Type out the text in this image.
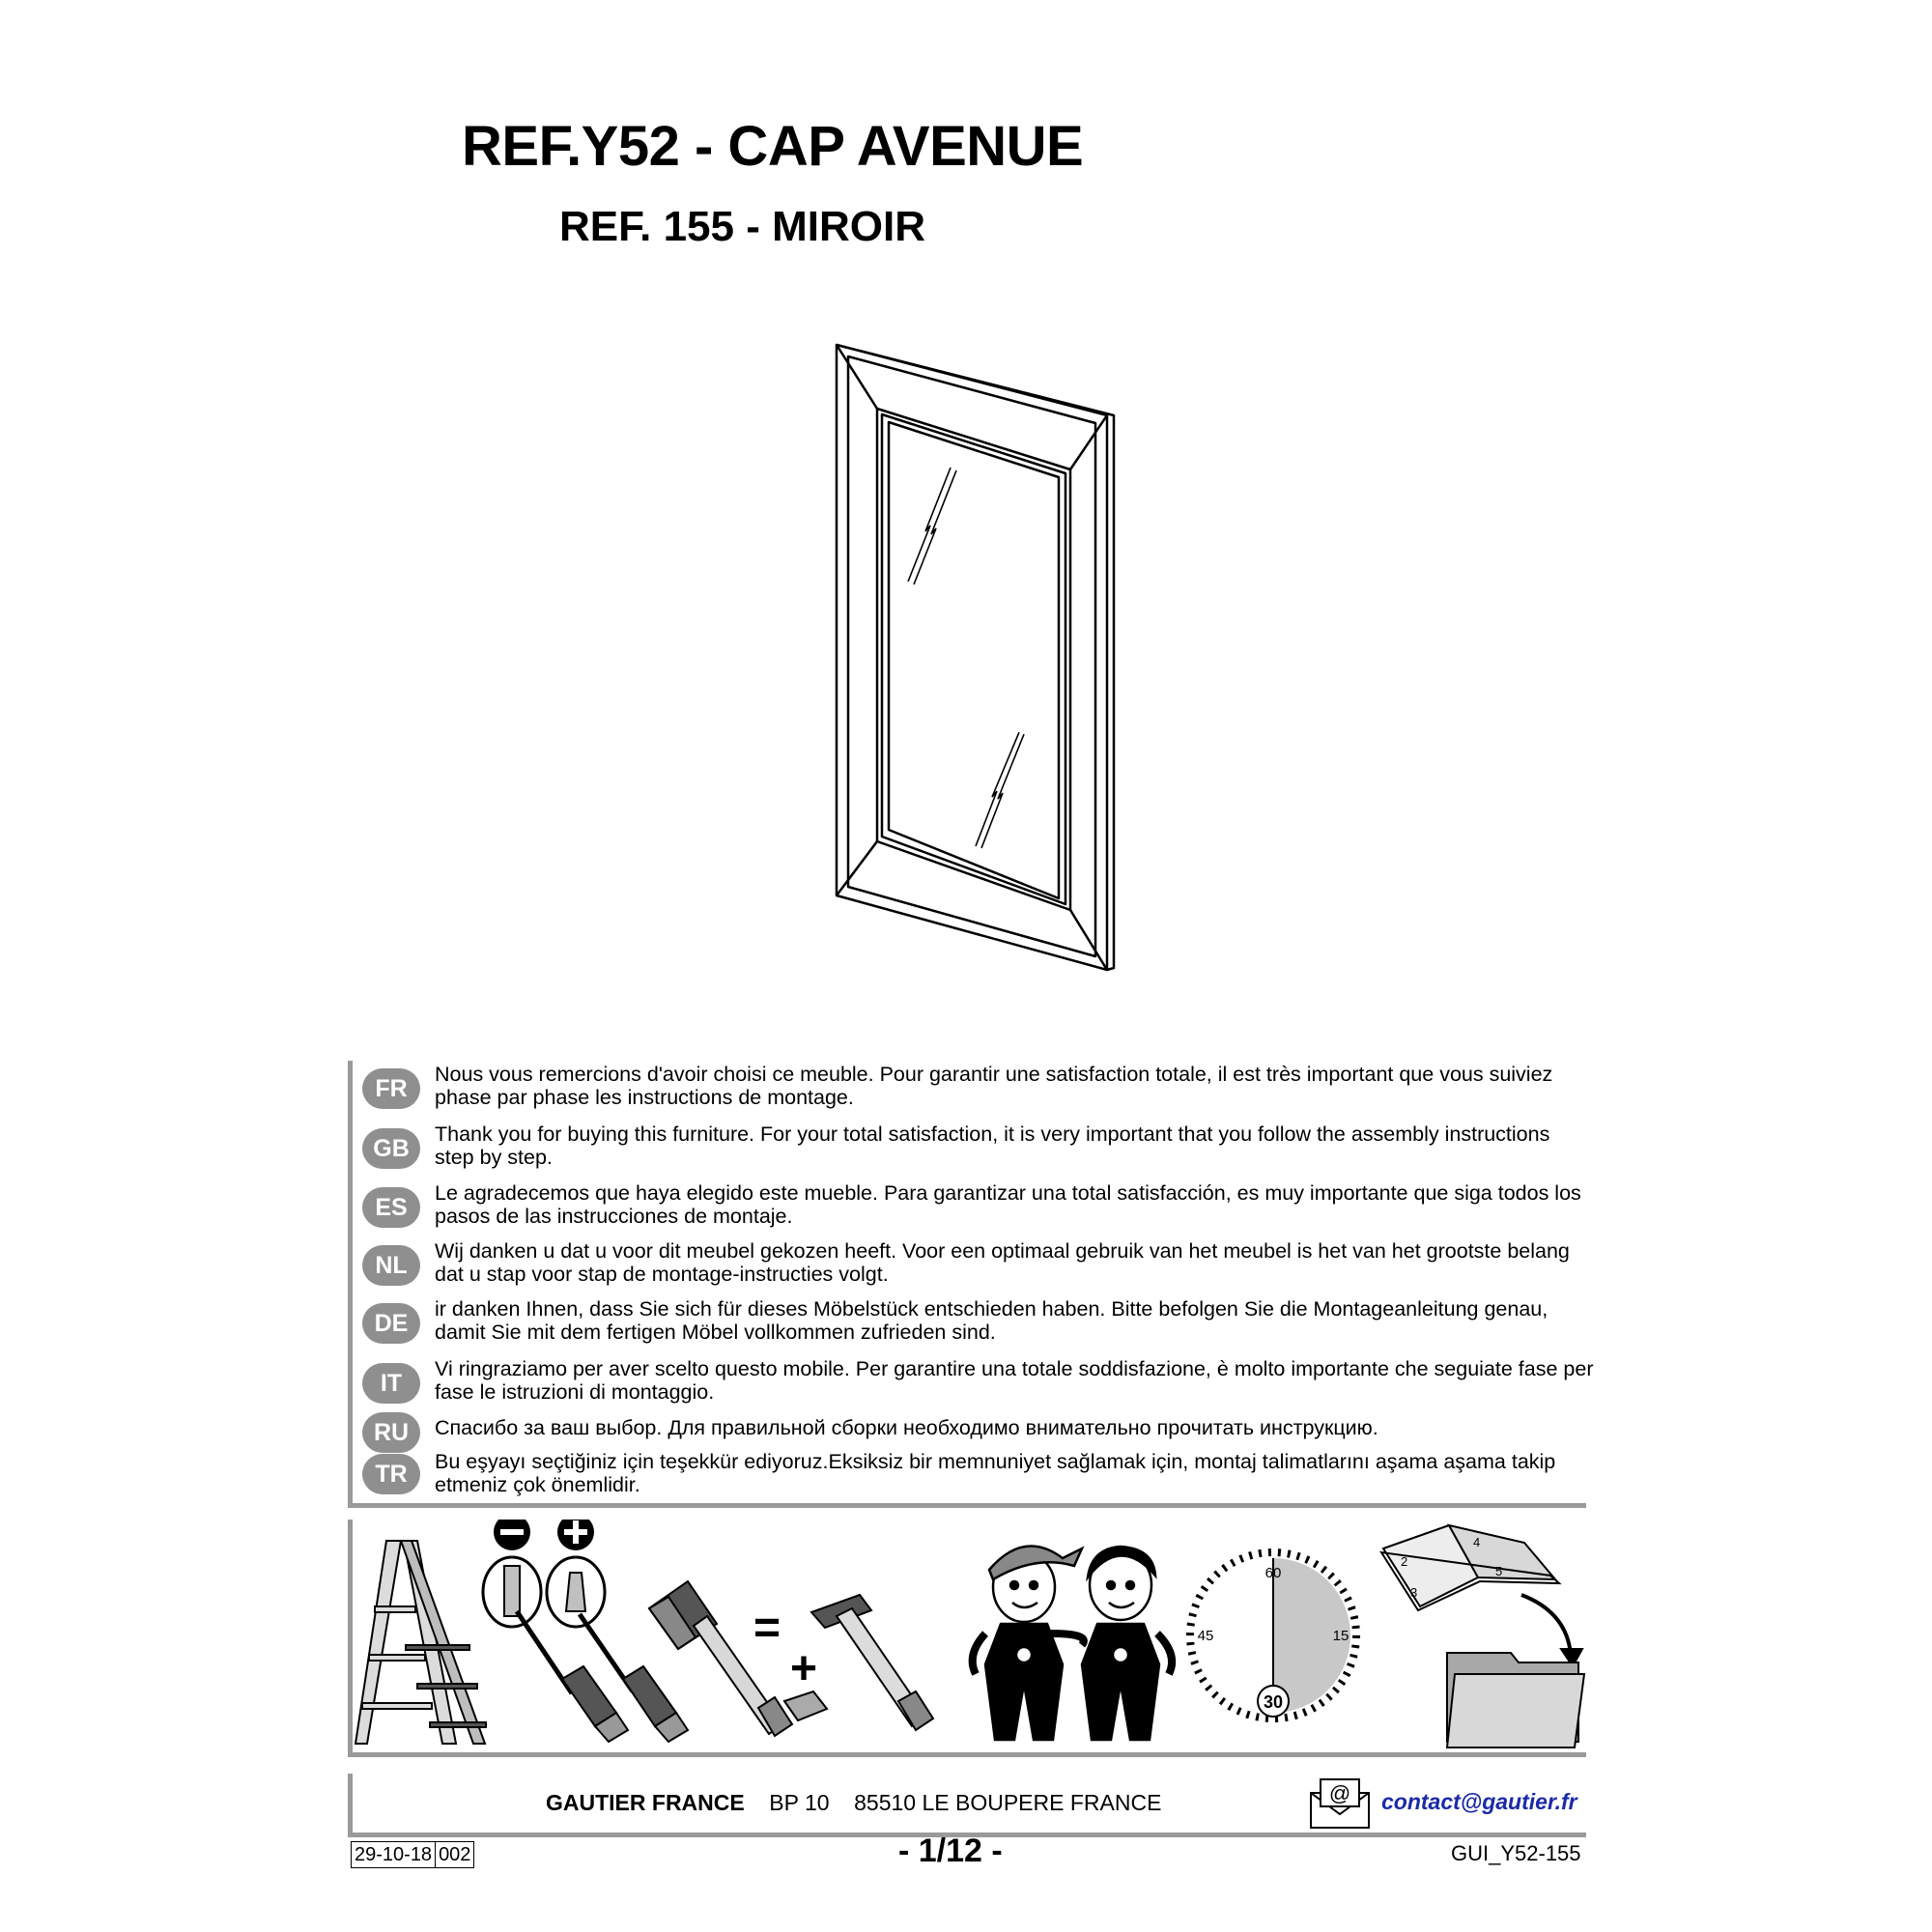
REF.Y52 - CAP AVENUE
REF. 155 - MIROIR
FR
Nous vous remercions d'avoir choisi ce meuble. Pour garantir une satisfaction totale, il est très important que vous suiviez phase par phase les instructions de montage.
GB
Thank you for buying this furniture. For your total satisfaction, it is very important that you follow the assembly instructions step by step.
ES
Le agradecemos que haya elegido este mueble. Para garantizar una total satisfacción, es muy importante que siga todos los pasos de las instrucciones de montaje.
NL
Wij danken u dat u voor dit meubel gekozen heeft. Voor een optimaal gebruik van het meubel is het van het grootste belang dat u stap voor stap de montage-instructies volgt.
DE
ir danken Ihnen, dass Sie sich für dieses Möbelstück entschieden haben. Bitte befolgen Sie die Montageanleitung genau, damit Sie mit dem fertigen Möbel vollkommen zufrieden sind.
IT
Vi ringraziamo per aver scelto questo mobile. Per garantire una totale soddisfazione, è molto importante che seguiate fase per fase le istruzioni di montaggio.
RU	Спасибо за ваш выбор. Для правильной сборки необходимо внимательно прочитать инструкцию.
TR	Bu eşyayı seçtiğiniz için teşekkür ediyoruz.Eksiksiz bir memnuniyet sağlamak için, montaj talimatlarını aşama aşama takip etmeniz çok önemlidir.
=
+
60
15
30
45
2
3
4
5
GAUTIER FRANCE BP 10 85510 LE BOUPERE FRANCE	@ contact@gautier.fr
29-10-18 002	- 1/12 -	GUI_Y52-155
